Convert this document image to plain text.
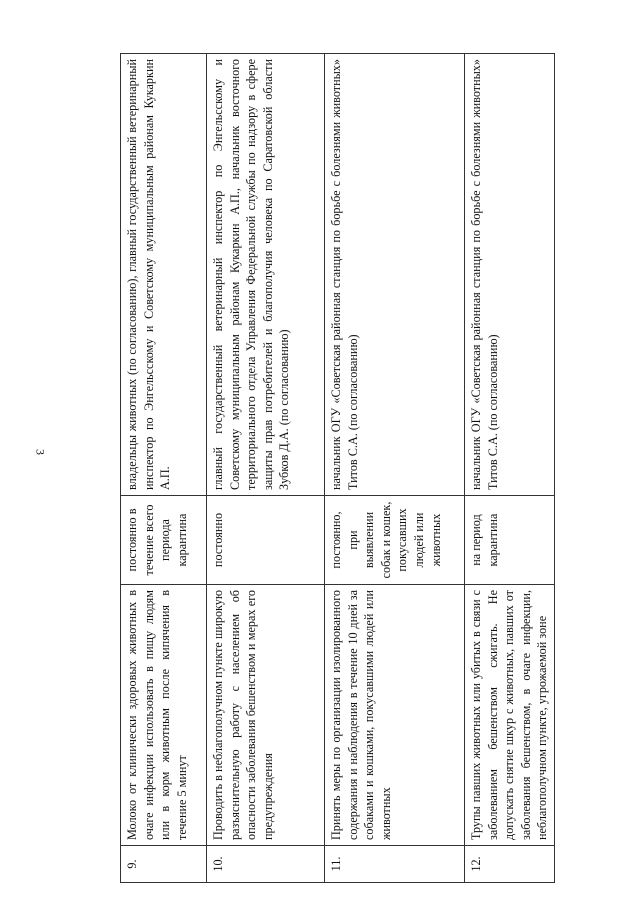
3
9.	Молоко от клинически здоровых животных в очаге инфекции использовать в пищу людям или в корм животным после кипячения в течение 5 минут	постоянно в течение всего периода карантина	владельцы животных (по согласованию), главный государственный ветеринарный инспектор по Энгельсскому и Советскому муниципальным районам Кукаркин А.П.
10.	Проводить в неблагополучном пункте широкую разъяснительную работу с населением об опасности заболевания бешенством и мерах его предупреждения	постоянно	главный государственный ветеринарный инспектор по Энгельсскому и Советскому муниципальным районам Кукаркин А.П., начальник восточного территориального отдела Управления Федеральной службы по надзору в сфере защиты прав потребителей и благополучия человека по Саратовской области Зубков Д.А. (по согласованию)
11.	Принять меры по организации изолированного содержания и наблюдения в течение 10 дней за собаками и кошками, покусавшими людей или животных	постоянно, при выявлении собак и кошек, покусавших людей или животных	начальник ОГУ «Советская районная станция по борьбе с болезнями животных» Титов С.А. (по согласованию)
12.	Трупы павших животных или убитых в связи с заболеванием бешенством сжигать. Не допускать снятие шкур с животных, павших от заболевания бешенством, в очаге инфекции, неблагополучном пункте, угрожаемой зоне	на период карантина	начальник ОГУ «Советская районная станция по борьбе с болезнями животных» Титов С.А. (по согласованию)
